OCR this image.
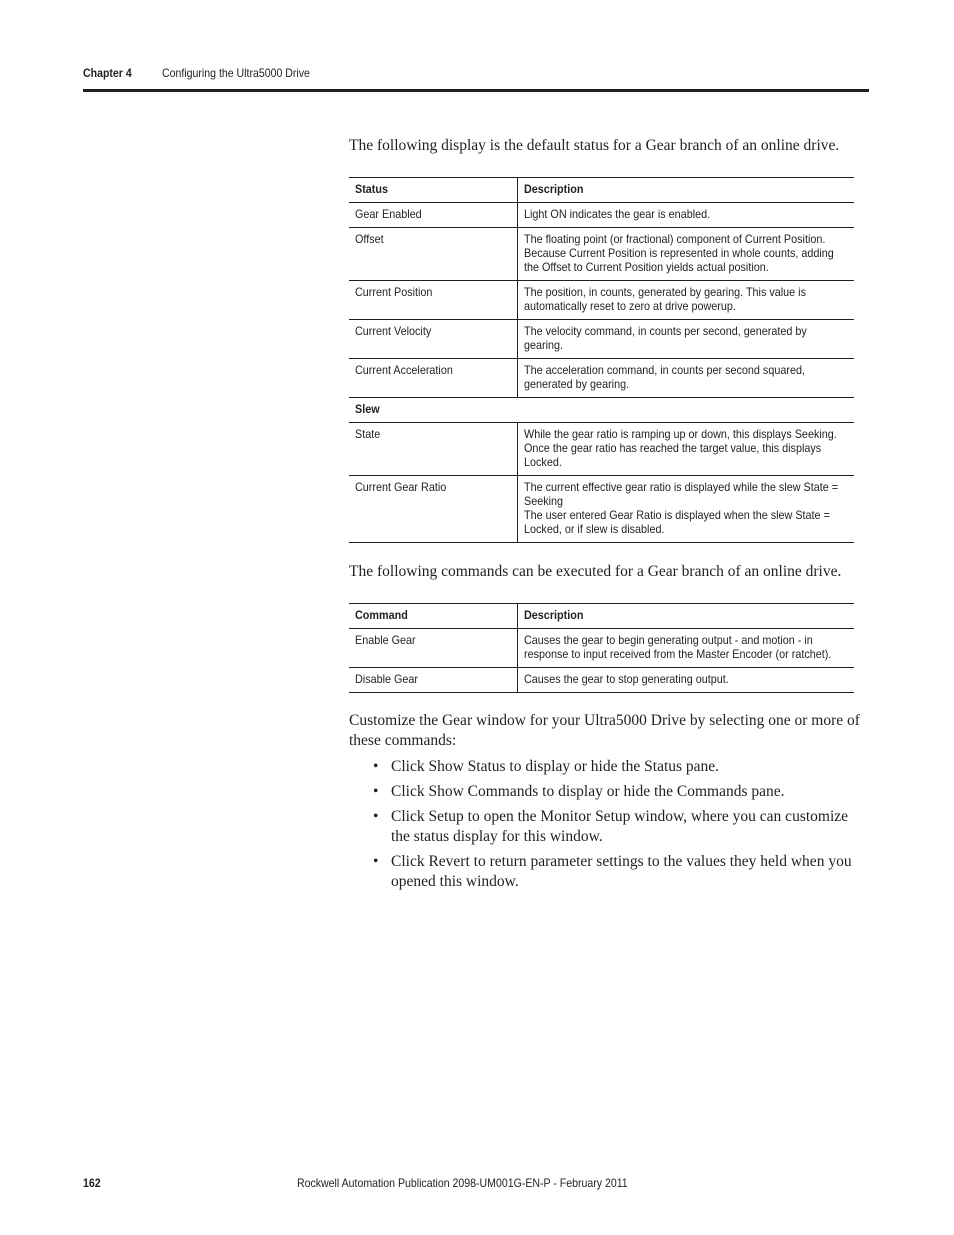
Chapter 4	Configuring the Ultra5000 Drive
The following display is the default status for a Gear branch of an online drive.
Status	Description

Gear Enabled	Light ON indicates the gear is enabled.

Offset	The floating point (or fractional) component of Current Position. Because Current Position is represented in whole counts, adding the Offset to Current Position yields actual position.

Current Position	The position, in counts, generated by gearing. This value is automatically reset to zero at drive powerup.

Current Velocity	The velocity command, in counts per second, generated by gearing.

Current Acceleration	The acceleration command, in counts per second squared, generated by gearing.

Slew	

State	While the gear ratio is ramping up or down, this displays Seeking. Once the gear ratio has reached the target value, this displays Locked.

Current Gear Ratio	The current effective gear ratio is displayed while the slew State = Seeking
The user entered Gear Ratio is displayed when the slew State = Locked, or if slew is disabled.
The following commands can be executed for a Gear branch of an online drive.
Command	Description

Enable Gear	Causes the gear to begin generating output - and motion - in response to input received from the Master Encoder (or ratchet).

Disable Gear	Causes the gear to stop generating output.
Customize the Gear window for your Ultra5000 Drive by selecting one or more of these commands:
• Click Show Status to display or hide the Status pane.
• Click Show Commands to display or hide the Commands pane.
• Click Setup to open the Monitor Setup window, where you can customize the status display for this window.
• Click Revert to return parameter settings to the values they held when you opened this window.
162	Rockwell Automation Publication 2098-UM001G-EN-P - February 2011
